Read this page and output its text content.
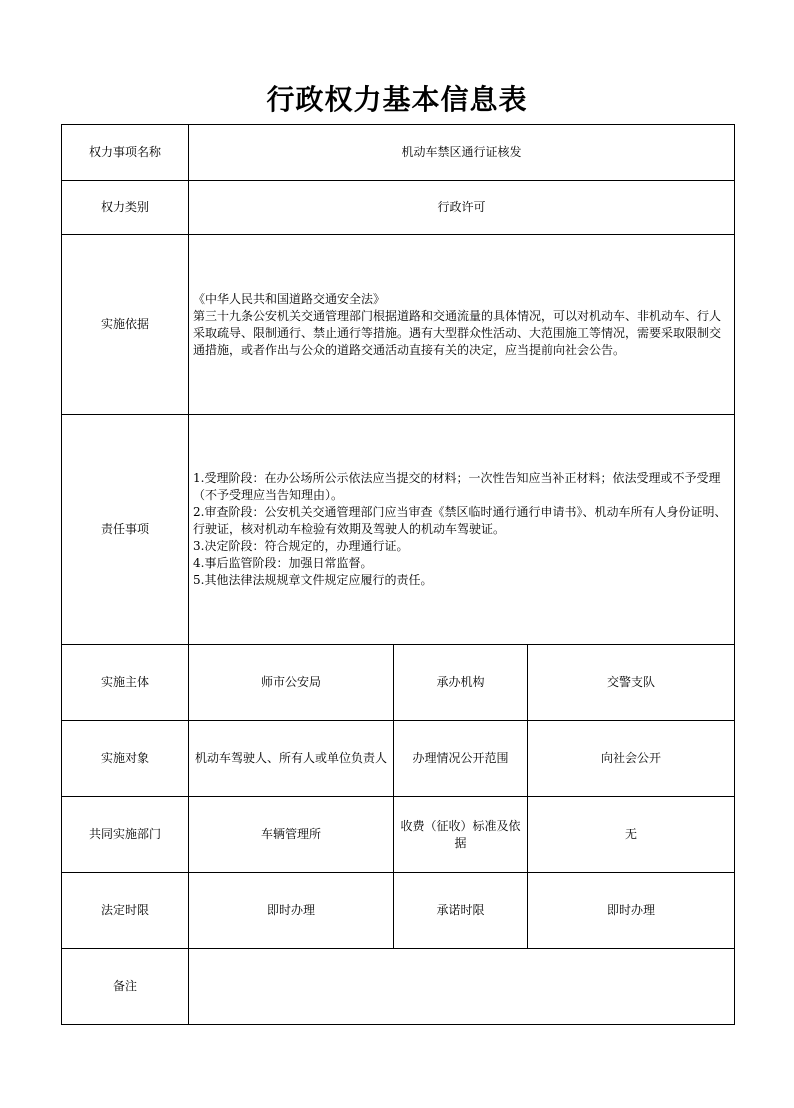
行政权力基本信息表
权力事项名称	机动车禁区通行证核发		
权力类别	行政许可		
实施依据	《中华人民共和国道路交通安全法》
第三十九条公安机关交通管理部门根据道路和交通流量的具体情况，可以对机动车、非机动车、行人采取疏导、限制通行、禁止通行等措施。遇有大型群众性活动、大范围施工等情况，需要采取限制交通措施，或者作出与公众的道路交通活动直接有关的决定，应当提前向社会公告。		

责任事项	1.受理阶段：在办公场所公示依法应当提交的材料；一次性告知应当补正材料；依法受理或不予受理（不予受理应当告知理由）。
2.审查阶段：公安机关交通管理部门应当审查《禁区临时通行通行申请书》、机动车所有人身份证明、行驶证，核对机动车检验有效期及驾驶人的机动车驾驶证。
3.决定阶段：符合规定的，办理通行证。
4.事后监管阶段：加强日常监督。
5.其他法律法规规章文件规定应履行的责任。		

实施主体	师市公安局	承办机构	交警支队
实施对象	机动车驾驶人、所有人或单位负责人	办理情况公开范围	向社会公开
共同实施部门	车辆管理所	收费（征收）标准及依据	无
法定时限	即时办理	承诺时限	即时办理
备注			
